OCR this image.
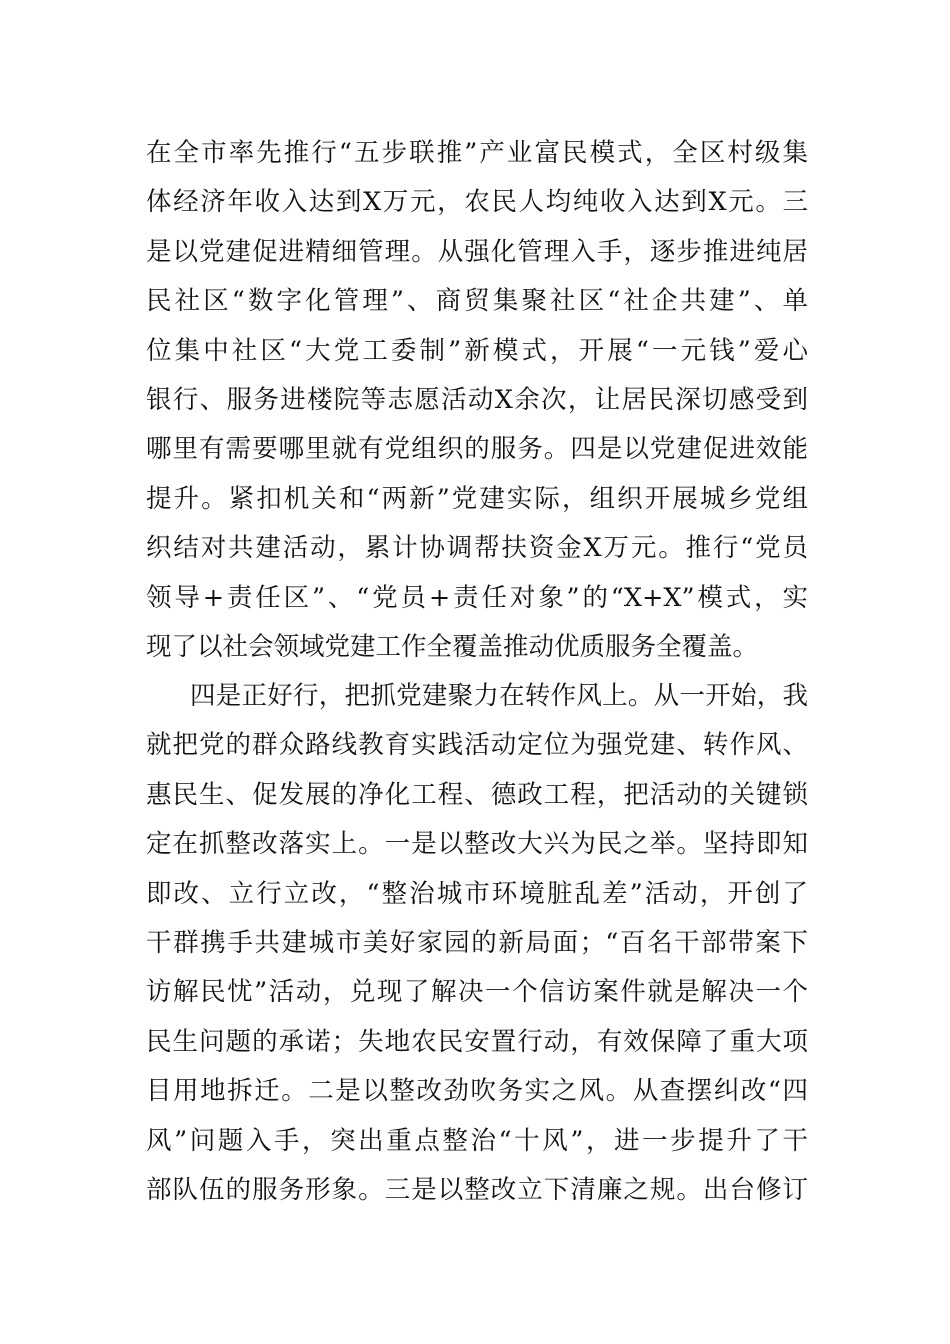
在全市率先推行“五步联推”产业富民模式，全区村级集
体经济年收入达到X万元，农民人均纯收入达到X元。三
是以党建促进精细管理。从强化管理入手，逐步推进纯居
民社区“数字化管理”、商贸集聚社区“社企共建”、单
位集中社区“大党工委制”新模式，开展“一元钱”爱心
银行、服务进楼院等志愿活动X余次，让居民深切感受到
哪里有需要哪里就有党组织的服务。四是以党建促进效能
提升。紧扣机关和“两新”党建实际，组织开展城乡党组
织结对共建活动，累计协调帮扶资金X万元。推行“党员
领导+责任区”、“党员+责任对象”的“X+X”模式，实
现了以社会领域党建工作全覆盖推动优质服务全覆盖。
四是正好行，把抓党建聚力在转作风上。从一开始，我
就把党的群众路线教育实践活动定位为强党建、转作风、
惠民生、促发展的净化工程、德政工程，把活动的关键锁
定在抓整改落实上。一是以整改大兴为民之举。坚持即知
即改、立行立改，“整治城市环境脏乱差”活动，开创了
干群携手共建城市美好家园的新局面；“百名干部带案下
访解民忧”活动，兑现了解决一个信访案件就是解决一个
民生问题的承诺；失地农民安置行动，有效保障了重大项
目用地拆迁。二是以整改劲吹务实之风。从查摆纠改“四
风”问题入手，突出重点整治“十风”，进一步提升了干
部队伍的服务形象。三是以整改立下清廉之规。出台修订
